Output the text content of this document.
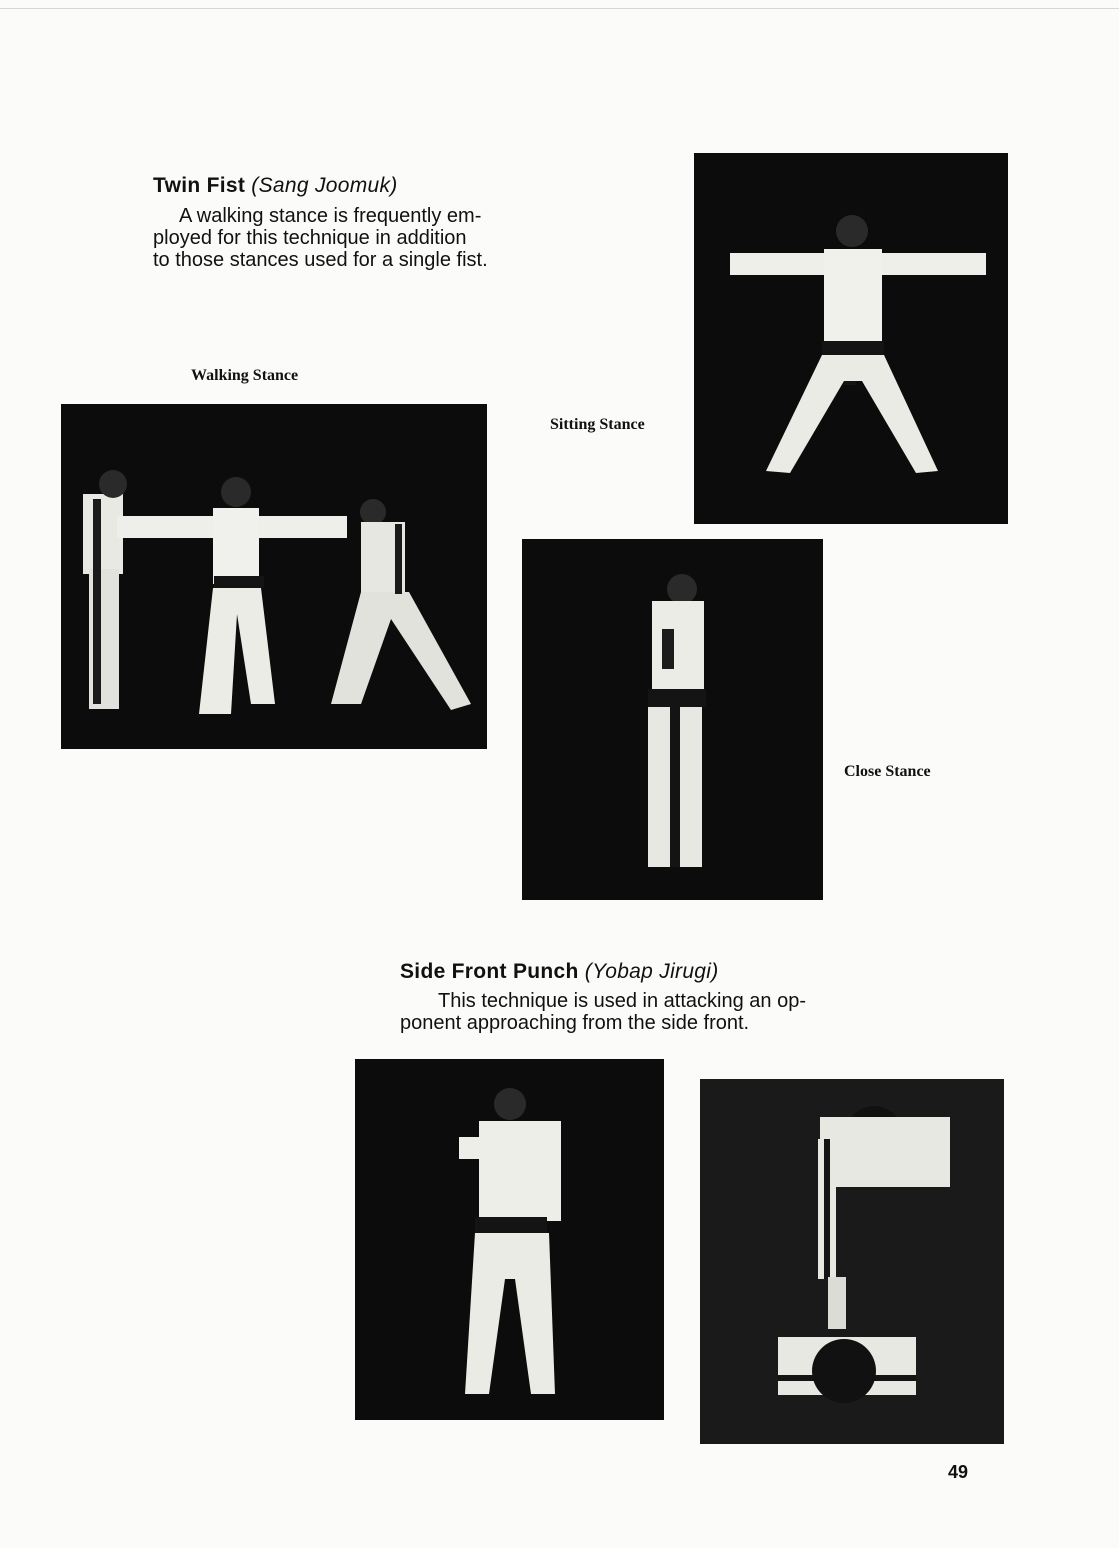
Twin Fist (Sang Joomuk)
A walking stance is frequently em-
ployed for this technique in addition
to those stances used for a single fist.
Walking Stance
Sitting Stance
Close Stance
Side Front Punch (Yobap Jirugi)
This technique is used in attacking an op-
ponent approaching from the side front.
49
